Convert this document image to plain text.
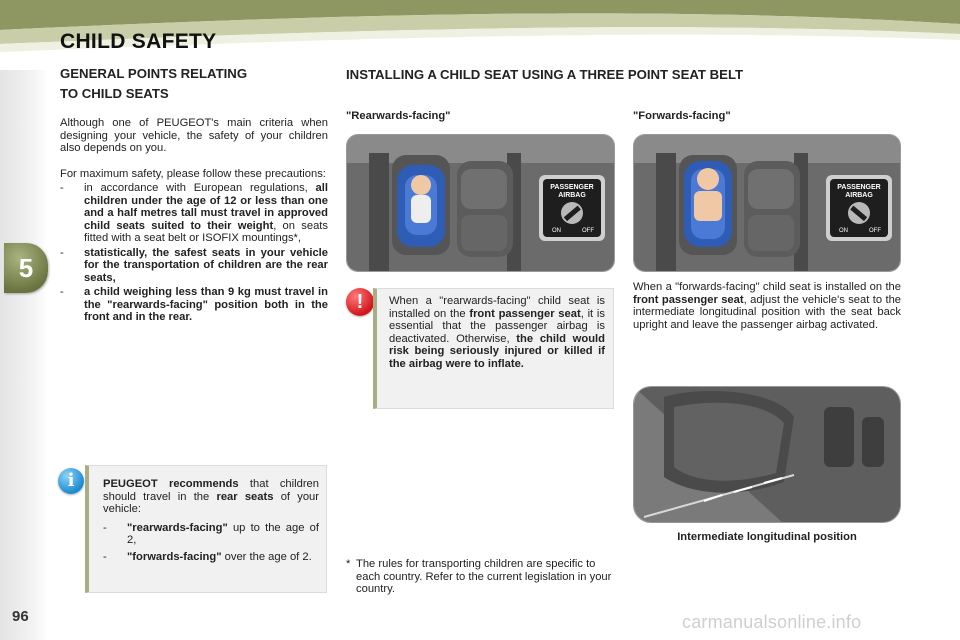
CHILD SAFETY
5
96
GENERAL POINTS RELATING
TO CHILD SEATS

Although one of PEUGEOT's main criteria when designing your vehicle, the safety of your children also depends on you.

For maximum safety, please follow these precautions:

-	in accordance with European regulations, all children under the age of 12 or less than one and a half metres tall must travel in approved child seats suited to their weight, on seats fitted with a seat belt or ISOFIX mountings*,
-	statistically, the safest seats in your vehicle for the transportation of children are the rear seats,
-	a child weighing less than 9 kg must travel in the "rearwards-facing" position both in the front and in the rear.
i	PEUGEOT recommends that children should travel in the rear seats of your vehicle:

-	"rearwards-facing" up to the age of 2,
-	"forwards-facing" over the age of 2.
INSTALLING A CHILD SEAT USING A THREE POINT SEAT BELT
"Rearwards-facing"	"Forwards-facing"
PASSENGER
AIRBAG
ON	OFF
PASSENGER
AIRBAG
ON	OFF
!	When a "rearwards-facing" child seat is installed on the front passenger seat, it is essential that the passenger airbag is deactivated. Otherwise, the child would risk being seriously injured or killed if the airbag were to inflate.

When a "forwards-facing" child seat is installed on the front passenger seat, adjust the vehicle's seat to the intermediate longitudinal position with the seat back upright and leave the passenger airbag activated.

Intermediate longitudinal position
* The rules for transporting children are specific to each country. Refer to the current legislation in your country.
carmanualsonline.info
